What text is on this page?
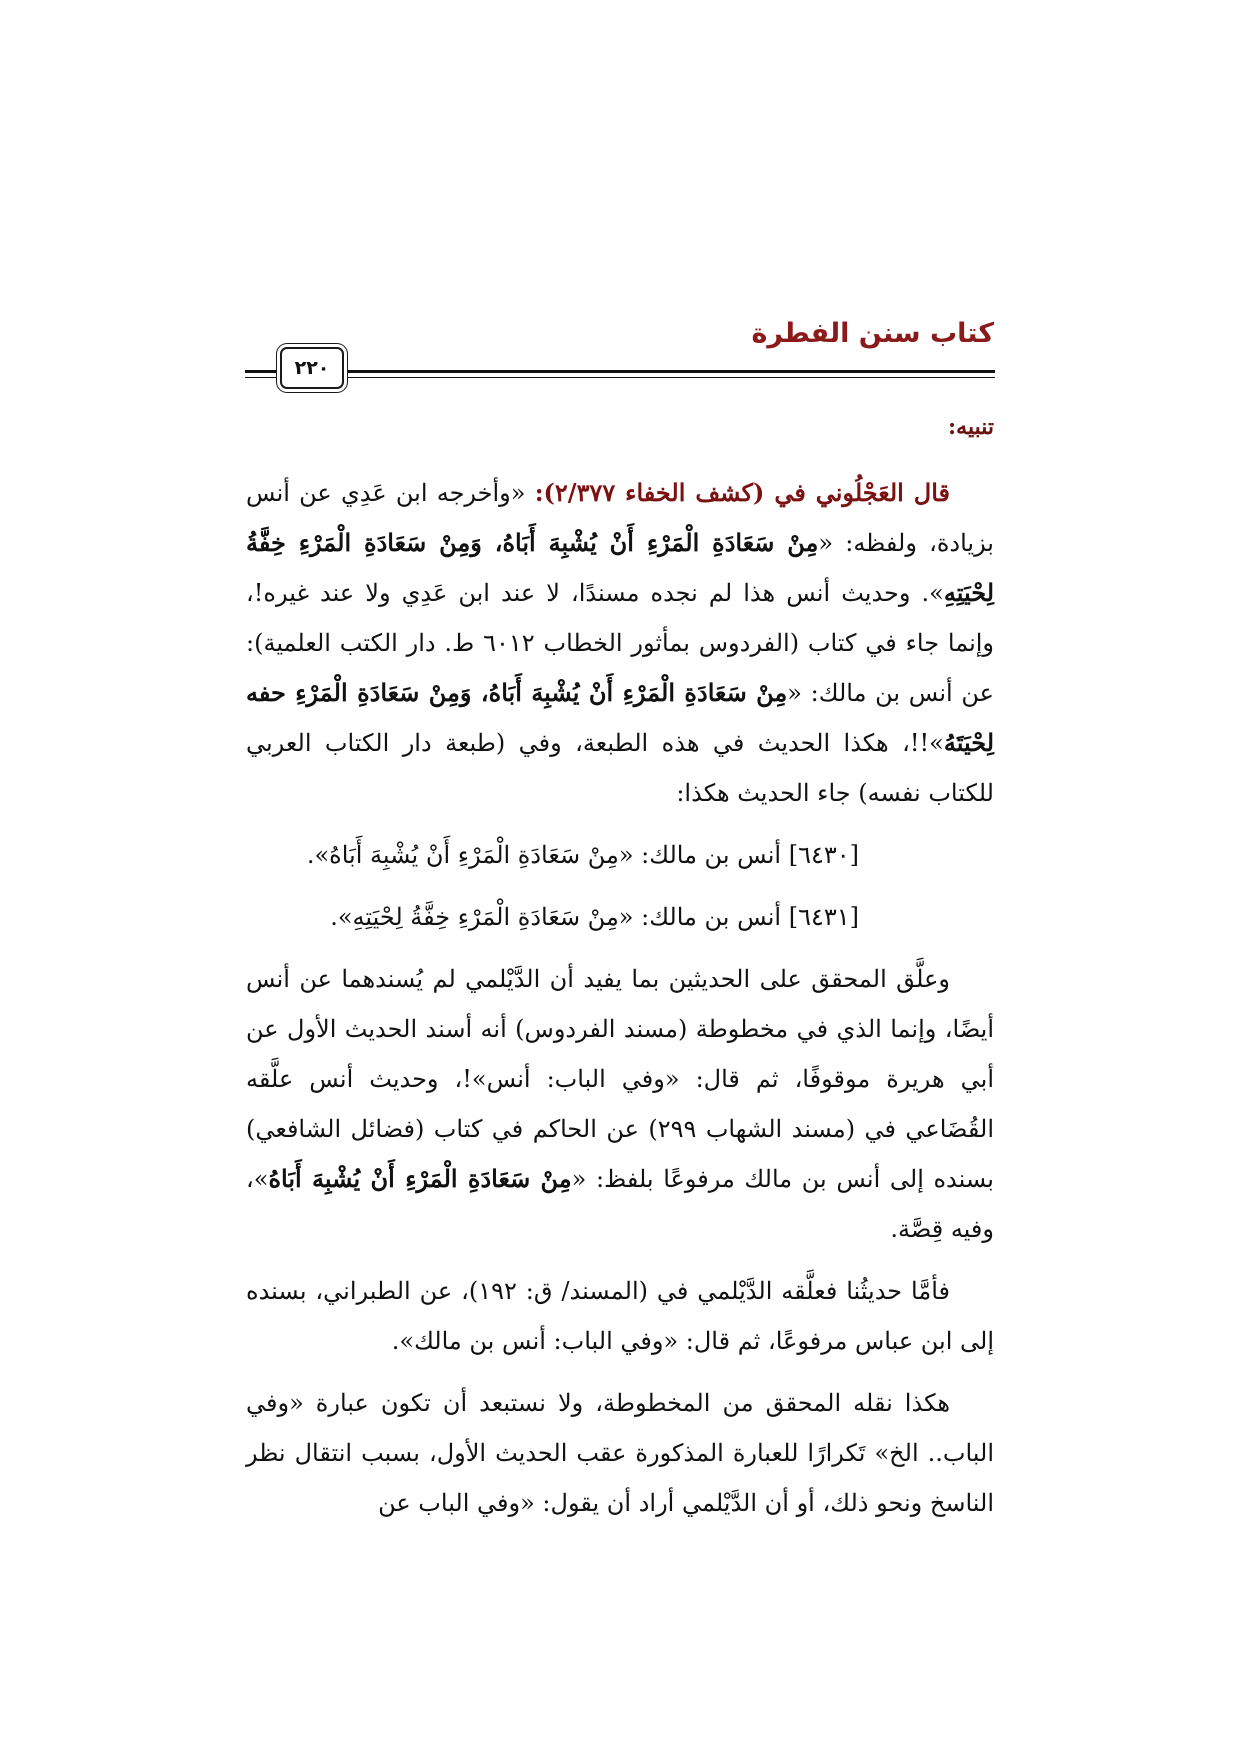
كتاب سنن الفطرة
٢٢٠
تنبيه:

قال العَجْلُوني في (كشف الخفاء ٢/٣٧٧): «وأخرجه ابن عَدِي عن أنس بزيادة، ولفظه: «مِنْ سَعَادَةِ الْمَرْءِ أَنْ يُشْبِهَ أَبَاهُ، وَمِنْ سَعَادَةِ الْمَرْءِ خِفَّةُ لِحْيَتِهِ». وحديث أنس هذا لم نجده مسندًا، لا عند ابن عَدِي ولا عند غيره!، وإنما جاء في كتاب (الفردوس بمأثور الخطاب ٦٠١٢ ط. دار الكتب العلمية): عن أنس بن مالك: «مِنْ سَعَادَةِ الْمَرْءِ أَنْ يُشْبِهَ أَبَاهُ، وَمِنْ سَعَادَةِ الْمَرْءِ حفه لِحْيَتَهُ»!!، هكذا الحديث في هذه الطبعة، وفي (طبعة دار الكتاب العربي للكتاب نفسه) جاء الحديث هكذا:

[٦٤٣٠] أنس بن مالك: «مِنْ سَعَادَةِ الْمَرْءِ أَنْ يُشْبِهَ أَبَاهُ».

[٦٤٣١] أنس بن مالك: «مِنْ سَعَادَةِ الْمَرْءِ خِفَّةُ لِحْيَتِهِ».

وعلَّق المحقق على الحديثين بما يفيد أن الدَّيْلمي لم يُسندهما عن أنس أيضًا، وإنما الذي في مخطوطة (مسند الفردوس) أنه أسند الحديث الأول عن أبي هريرة موقوفًا، ثم قال: «وفي الباب: أنس»!، وحديث أنس علَّقه القُضَاعي في (مسند الشهاب ٢٩٩) عن الحاكم في كتاب (فضائل الشافعي) بسنده إلى أنس بن مالك مرفوعًا بلفظ: «مِنْ سَعَادَةِ الْمَرْءِ أَنْ يُشْبِهَ أَبَاهُ»، وفيه قِصَّة.

فأمَّا حديثُنا فعلَّقه الدَّيْلمي في (المسند/ ق: ١٩٢)، عن الطبراني، بسنده إلى ابن عباس مرفوعًا، ثم قال: «وفي الباب: أنس بن مالك».

هكذا نقله المحقق من المخطوطة، ولا نستبعد أن تكون عبارة «وفي الباب.. الخ» تَكرارًا للعبارة المذكورة عقب الحديث الأول، بسبب انتقال نظر الناسخ ونحو ذلك، أو أن الدَّيْلمي أراد أن يقول: «وفي الباب عن
